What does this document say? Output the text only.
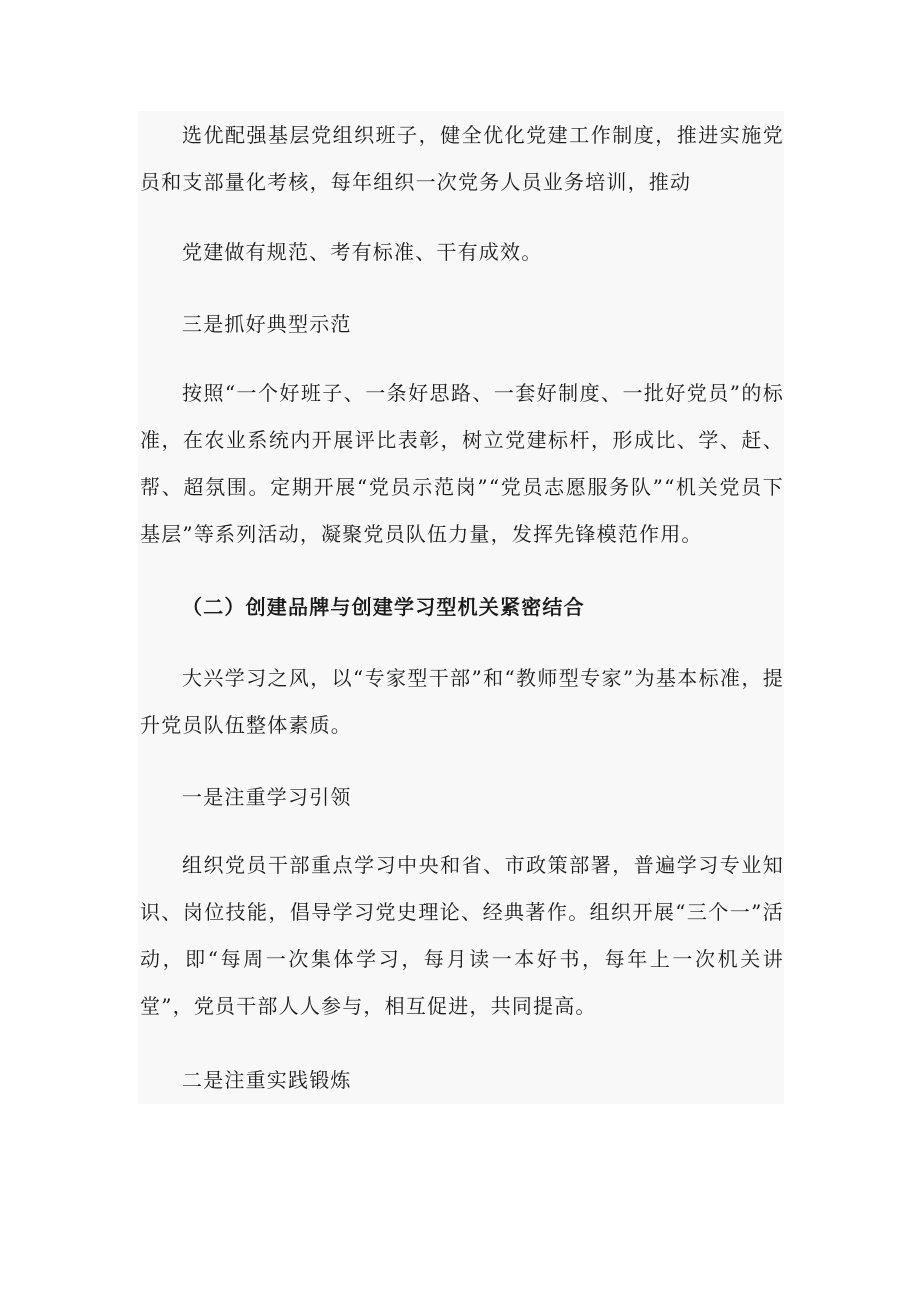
选优配强基层党组织班子，健全优化党建工作制度，推进实施党员和支部量化考核，每年组织一次党务人员业务培训，推动

党建做有规范、考有标准、干有成效。

三是抓好典型示范

按照“一个好班子、一条好思路、一套好制度、一批好党员”的标准，在农业系统内开展评比表彰，树立党建标杆，形成比、学、赶、帮、超氛围。定期开展“党员示范岗”“党员志愿服务队”“机关党员下基层”等系列活动，凝聚党员队伍力量，发挥先锋模范作用。

（二）创建品牌与创建学习型机关紧密结合

大兴学习之风，以“专家型干部”和“教师型专家”为基本标准，提升党员队伍整体素质。

一是注重学习引领

组织党员干部重点学习中央和省、市政策部署，普遍学习专业知识、岗位技能，倡导学习党史理论、经典著作。组织开展“三个一”活动，即“每周一次集体学习，每月读一本好书，每年上一次机关讲堂”，党员干部人人参与，相互促进，共同提高。

二是注重实践锻炼
